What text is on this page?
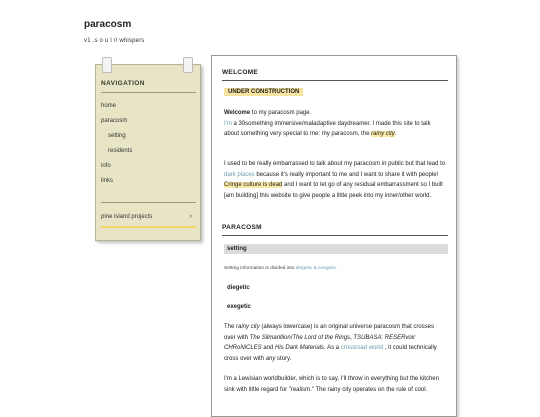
paracosm
v1 .s o u l // whispers
NAVIGATION
home
paracosm
setting
residents
info
links
pine island projects	›
WELCOME
UNDER CONSTRUCTION

Welcome to my paracosm page.
I'm a 30something immersive/maladaptive daydreamer. I made this site to talk about something very special to me: my paracosm, the rainy city.

I used to be really embarrassed to talk about my paracosm in public but that lead to dark places because it's really important to me and I want to share it with people! Cringe culture is dead and I want to let go of any residual embarrassment so I built [am building] this website to give people a little peek into my inner/other world.

PARACOSM
setting
Setting information is divided into diegetic & exegetic .
diegetic
exegetic

The rainy city (always lowercase) is an original universe paracosm that crosses over with The Silmarillion/The Lord of the Rings, TSUBASA: RESERvoir CHRoNiCLES and His Dark Materials. As a crossroad world , it could technically cross over with any story.

I'm a Lewisian worldbuilder, which is to say, I'll throw in everything but the kitchen sink with little regard for "realism." The rainy city operates on the rule of cool.
